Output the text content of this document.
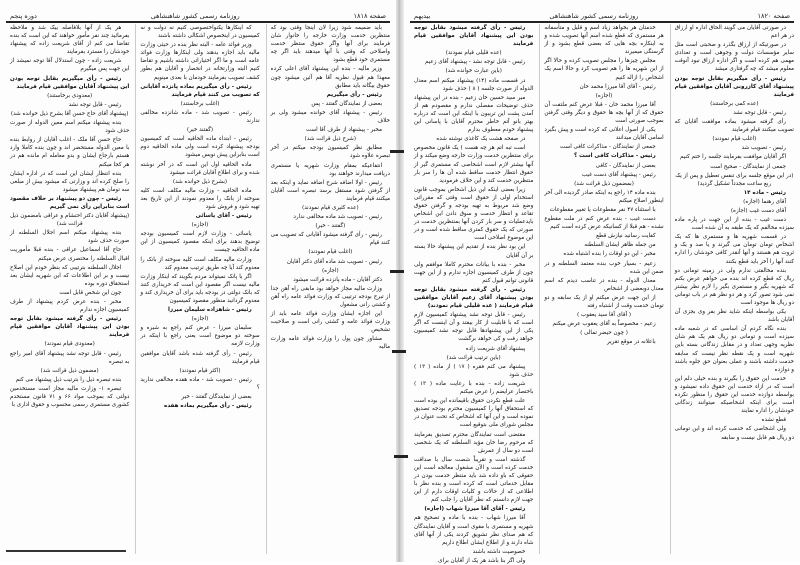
صفحه ۱۸۱۸
روزنامه رسمی کشور شاهنشاهی
دوره پنجم

باید ضمیمه شود زیرا لان اینجا وقتی بود که منتظرین خدمت وزارت خارجه را خانوار شان فرمایند برای آنها واگر حقوق منتظر خدمت واصلاحی که وقتی با آنها میدهند باید اگر چه مستمری خود قطع بشود

وزیر مالیه - بنده این پیشنهاد آقای اعلی کرده معهذا هم قبول نظریه آقا هم آئین میشود چون حقوق بیگانه باید مطابق

رئیس - رأی میگیریم

بعضی از نمایندگان گفتند - پس

رئیس - پیشنهاد آقای خوانده میشود ولی بر خلاف

مخبر - پیشنهاد از طرف آقا است

(شرح ذیل قرائت شد)

مطابق نظر کمیسیون بودجه میکنم در آخر تبصره علاوه شود

انتفاعیکه بمقام وزارت شهریه یا مستمری دریافت میدارند خواهند بود

رئیس - اولا اضافه شرح اضافه نماید و اینکه بعد از گرفتن شود مستقل برسد تبصره است آقایان میکنند قیام فرمایند

(عده کثیری قیام نمودند)

رئیس - تصویب شد ماده مخالفی ندارد

(گفتند - خیر)

رئیس - رأی گرفته میشود آقایانی که تصویب می کنند قیام

(اغلب قیام نمودند)

رئیس - تصویب شد ماده آقای دکتر آقایان

(اجازه)

دکتر آقایان - ماده پانزده قرائت میشود

وزارت مالیه مجاز خواهد بود مابقی راه آهن جدا از تبرج بودجه ترتیبی که وزارت فوائد عامه راه آهن و کشتی رانی مشغول

این اجازه ایشان وزارت فوائد عامه باید از وزارت فوائد عامه و کشتی رانی است و صلاحیت تشخیص

مشاور چون پول را وزارت فوائد عامه وزارت مالیه

که اینکارها یکنواختصوصی کنیم نه دولت و نه کمیسیون در اینخصوص اشکالی داشته باشند

وزیر فوائد عامه - البته نظر بنده در حیثی وزارت مالیه باید اجازه بدهند ولی اینکارها وزارت فوائد عامه است و ما اگر اختیاراتی داشته باشیم و تقاضا کنیم البته وزارتخانه در انحصار و آقایان هم بطور کشف تصویب بفرمایند خودمان با بعدی مینویم

رئیس - رأی میگیریم بماده پانزده آقایانی که تصویب می کنند قیام فرمایند

(اغلب برخاستند)

رئیس - تصویب شد - ماده شانزده مخالفی ندارند

(گفتند خیر)

رئیس - ابتداء ماده الحاقیه است که کمیسیون بودجه پیشنهاد کرده است ولی ماده الحاقیه دوم است بنابراین پیش نویس میشود

ماده الحاقیه اول این است که در آخر نوشته شده و برای اطلاع آقایان قرائت میشود

(بشرح ذیل خوانده شد)

ماده الحاقیه - وزارت مالیه مکلف است کلیه سوخته از بانک را معدوم نمودند از این تاریخ بعد تهیه شود و فروش شود

رئیس - آقای یاسائی

(اجازه)

یاسائی - وزارت لازم است کمیسیون بودجه توضیح بدهند برای اینکه مقصود کمیسیون از این ماده الحاقیه چیست

وزارت مالیه مکلف است کلیه سوخته از بانک را معدوم کند آیا چه طریق ترتیب معدوم کند

اگر با پانک نمیتواند مردم بگویند که اینکار وزارت مالیه نیست اگر مقصود این است که خریداری کنند که بانک دولتی در بودجه باید برای آن خریداری کند و معدوم گردانید منظور مقصود کمیسیون

رئیس - شاهزاده سلیمان میرزا

(اجازه)

سلیمان میرزا - عرض کنم راجع به شیره و سوخته دو موضوع است یعنی راجع با اینکه در وزارت لازمه

رئیس - رأی گرفته شده باشد آقایان موافقین قیام فرمایند

(اکثر قیام نمودند)

رئیس - تصویب شد - ماده هفده مخالفی ندارید ؟

بعضی از نمایندگان گفتند - خیر

رئیس - رأی میگیریم بماده هفده

هر یک از آنها بلافاصله بیک شد و ملاحظه بفرمائید چند نفر مأمور خواهند که این است که بنده تقاضا می کنم از آقای شریعت زاده که پیشنهاد خودشان را مسترد بفرمایند

شریعت زاده - چون استدلال آقا توجه نمیشد از این جهت پس میگیرم

رئیس - رأی میگیریم بقابل توجه بودن این پیشنهاد آقایان موافقین قیام فرمایند

(معدودی برخاستند)

رئیس - قابل توجه نشد

(پیشنهاد آقای حاج حسن آقا بشرح ذیل خوانده شد)

بنده پیشنهاد میکنم اسم معین الدوله از صورت حذف شود

حاج حسن آقا ملک - اغلب آقایان از روابط بنده با معین الدوله مستحضر اند و چون بنده کاملا وارد هستم بارجاع ایشان و بدو معامله ام مانده هم در هر کجا میکنم

بنده انتظار ایشان این است که در اداره ایشان را صلح کرده اند و وزارتی که میشود بیش از مبلغی سه تومان هم پیشنهاد میشود

رئیس - چون دو پیشنهاد بر خلاف مقصود است بنابراین رأی نمی گیریم

(پیشنهاد آقایان دکتر احتشام و عراقی بامضمون ذیل قرائت شد)

بنده پیشنهاد میکنم اسم اجلال السلطنه از صورت حذف شود

حاج آقا اسماعیل عراقی - بنده قبلا مأموریت اقبال السلطنه را مختصری عرض میکنم

اجلال السلطنه بترتیبی که بنظر خودم این اصلاح نیست و بر این اطلاعات که این شهریه ایشان بعد استحقاق دوره بوده

چون این شخص قابل است

مخبر - بنده عرض کردم پیشنهاد از طرف کمیسیون اجازه ندارم

رئیس - رأی گرفته میشود بقابل توجه بودن این پیشنهاد آقایان موافقین قیام فرمایند

(معدودی قیام نمودند)

رئیس - قابل توجه نشد پیشنهاد آقای امیر راجع به تبصره

(مضمون ذیل قرائت شد)

بنده تبصره ذیل را بترتیب ذیل پیشنهاد می کنم

تبصره ۱- وزارت مالیه مجاز است مستخدمین دولتی که بموجب مواد ۶۶ و ۷۱ قانون مستخدم کشوری مستمری رسمی محسوب و حقوق اداری با

صفحه ۱۸۲۰
روزنامه رسمی کشور شاهنشاهی
بیدیهم

در صورتی آقایان می گویند الحاق اداره او ارزاق در هر اعم

در صورتیکه از ارزاق بگذرد و صحبتی است مثل سایر مؤسسات دولت و وجوهی است و تعدادی مهمی هم کرده است و اگر اداره ارزاق نبود آنوقت معلوم میشد که چه گرفتاری میشد

رئیس - رأی میگیریم بقابل توجه بودن پیشنهاد آقای کازرونی آقایان موافقین قیام فرمایند

(عده کمی برخاستند)

رئیس - قابل توجه نشد

رأی گرفته میشود بماده موافقت آقایان که تصویب میکنند قیام فرمایند

(اغلب قیام نمودند)

رئیس - تصویب شد

اگر آقایان موافقت بفرمایند جلسه را ختم کنیم

جمعی از نمایندگان - صحیح است

(در این موقع جلسه برای تنفس تعطیل و پس از یک ربع ساعت مجدداً تشکیل گردید)

رئیس - ماده ۱۴

آقای رهنما (اجازه)

آقای دست غیب (اجازه)

دست غیب - بنده از این جهت در پاره ماده سیزده مخالفم که یک طبقه به آن شده است

در قسمت شهریه ها و مستمری ها که یک اشخاص تومان تومان می گیرند و یا صد و یک و ثروت هم هستند و آنها آنقدر کافی خودشان را اداره کنند آنها را آخر باید قطع بکنند

بنده مخالفتی ندارم ولی در زمینه تومانی دو ریال که قطع کرده اند بنده می خواهم عرض بکنم که شهریه بگیر و مستمری بگیر را لازم نظر بیشتر نمی شود تصور کرد و هر دو نظر هم در باب تومانی دو ریال ها موجود است

یکی بواسطه اینکه شاید نظر بفر وی بجزی آن آقایان باشد

بنده نگاه کردم آن اساسی که در شعبه ماده سیزده است و تومانی دو ریال هم یک هم شان نظریه وجهی تعداد و در مقابل زندگانی بسته باین شهریه است و یک نقطه نظر نیست که سابقه خدمت داشته باشند و عملی بعنوان حق جلوه باشند و دوازده

خدمت این حقوق را بگیرند و بنده خیلی دلم این است که در ازاء خدمت این حقوق داده نمیشود و بواسطه دوازده خدمت این حقوق را منظور نکرده است برای اینکه اشخاصیکه میتوانند زندگانی خودشان را اداره نمایند

قطع نشده

ولی اشخاصی که خدمت کرده اند و این تومانی دو ریال هم قابل نیست و سابقه

خدمتان هر بخواهد زیاد اسم و قلیل و متأسفانه هر مستمری که قطع شده اسم آنها تصویب شده و به اینکاره بچه هایی که بعضی قطع بشود و از گرسنگی میمیرند

مجلس چیزها را مجلس تصویب کرده و حالا اگر از این شهریه ها را هم تصویب کرد و حالا اسم یک اشخاص را ازاله کنیم

رئیس - آقای آقا میرزا محمد خان

(اجازه)

آقا میرزا محمد خان - قبلا عرض کنم ملتفت آن حقوق که از آنها بچه ها حقوق و دیگر وقتی گرفتن بموجب صورتی است

یکی از اصول اعلانی که کرده است و پیش بگیرد اسامی آقایان میدانند

جمعی از نمایندگان - مذاکرات کافی است

رئیس - مذاکرات کافی است ؟

بعضی از نمایندگان - کافی

رئیس - پیشنهاد آقای دست غیب

(بمضمون ذیل قرائت شد)

بنده ماده ۱۴ راجع به اینکه صادر گردیده الی آخر اینطور اصلاح میکنم

با استثناء ۴۷ نفر مقطوعات یا تغییر مقطوعات

دست غیب - بنده عرض کنم در ملت مقطوع نشده - هم قبلا از کسانیکه عرض کرده است کنیم

کفایت رسانید نیازش قطع

من جمله ظاهر ایشان السلطنه

مخبر - این دو اوقات را بنده اشتباه شده

زعیم - بسیار خوب بنده معتمد السلطنه و در ضمن این شده

معدل الدوله - بنده در تناسب دیدم که اسم معدل دوبعضی از اشخاص

از این جهت عرض میکنم او از یک سابقه و دو تومان خدمت وقت از اشتباه رفته

( آقای آقا سید یعقوب )

زعیم - مخصوصاً به آقای یعقوب عرض میکنم

( چون حیضر تمالی )

باعلانه در موقع تقریر

رئیس - رأی گرفته میشود بقابل توجه بودن این پیشنهاد آقایان موافقین قیام فرمایند

(عده قلیلی قیام نمودند)

رئیس - قابل توجه نشد - پیشنهاد آقای زعیم

(باین عبارت خوانده شد)

در قسمت ماده (۱۴) پیشنهاد میکنم اسم معدل الدوله از صورت جلسه ( ۸ ) حذف شود

میر سید حسین خان زعیم - بنده در این پیشنهاد حذف توضیحات مفصلی ندارم و مقصودم هم از آمدن پشت این تریبون با اینکه این است که درباره بهتر بانو آتم خاطر محترم آقایان با پاسانی این پیشنهاد خودم معطوف بدارم

در صفحه هشت یک کاغذی نوشته شده

است تبه اتم هر چه هست ) یک قانون مخصوص برای منتظرین خدمت وزارت خارجه وضع میکند و از آنها بیشتر لازم است اشخاصی که مستمری گیر از حقوق انتظار خدمت ساقط شده آن ها را سر بار منتظرین خدمت کند و این خلاف فرمودید

زیرا بعضی اینکه این ذیل اشخاص بموجب قانون استخدام اولی از حقوق است وقتی که مقرراتی وضع شد مربوط به تهیه بودجه و گرفتن حقوق تقاعد و انتظار خدمت و سوق دادن این اشخاص بایدعملیات و سر بار کردن آنها بمنتظرین خدمت در صورتی که یک حقوق کمتری ساقط شده است و در این موضوع اصلاحی است

این بود نظر بنده از تقدیم این پیشنهاد حالا بسته بر آن آقایان

مخبر - بنده با بیانات محترم کاملا موافقم ولی چون از طرف کمیسیون اجازه ندارم و از این جهت قانونی توانم قبول کنم

رئیس - رأی گرفته میشود بقابل توجه بودن پیشنهاد آقای زعیم آقایان موافقین قیام فرمایند ( عده قلیلی قیام نمودند)

رئیس - قابل توجه نشد پیشنهاد کمیسیون لازم است که با قابلیت از کار بیفتد و آن اینست که اگر یکی از این پیشنهادها قابل توجه نشد کمیسیون خواهد رفت و کی خواهد برگشت

پیشنهاد آقای شریعت زاده

(باین ترتیب قرائت شد)

پیشنهاد می کنم فقره ( ۱۷ ) از ماده ( ۱۳ ) حذف شود

شریعت زاده - بنده با رعایت ماده ( ۱۳ ) باختصار عرایضم را عرض میکنم

علت قطع نکردن حقوق باقیمانده این بوده است که استحقاق آنها را کمیسیون محترم بودجه تصدیق نموده است و این آنها که اشخاص که تحت عنوان در مجلس شورای ملی بتوقیع است

مقتضی است تمایندگان محترم تصدیق بفرمایند که مرحوم رضا خان مؤید السلطنه که یک شخصی است دو سال از عمرش

گذشته است و تقریباً شصت سال با صداقت خدمت کرده است و الآن مشغول معالجه است این حقوقی که باو داده شد باید منتظر خدمت بودن در مقابل خدماتی است که کرده است و بنده نظر با اطلاعی که از حالات و کلیات اوقات دارم از این جهت لازم دانستم که نظر آقایان را جلب کنم

رئیس - آقای آقا میرزا شهاب (اجازه)

آقا میرزا شهاب - بنده با ماده و تصحیح هم شهریه و مستمری با مقوی است و آقایان نمایندگان که هم صدای نظر تشویق کردند یکی از آنها آقای شاه دارند و از اطلاع ایشان اطلاع داریم

خصوصیت داشته باشند

ولی اگر بنا باشد هر یک از آقایان برای
